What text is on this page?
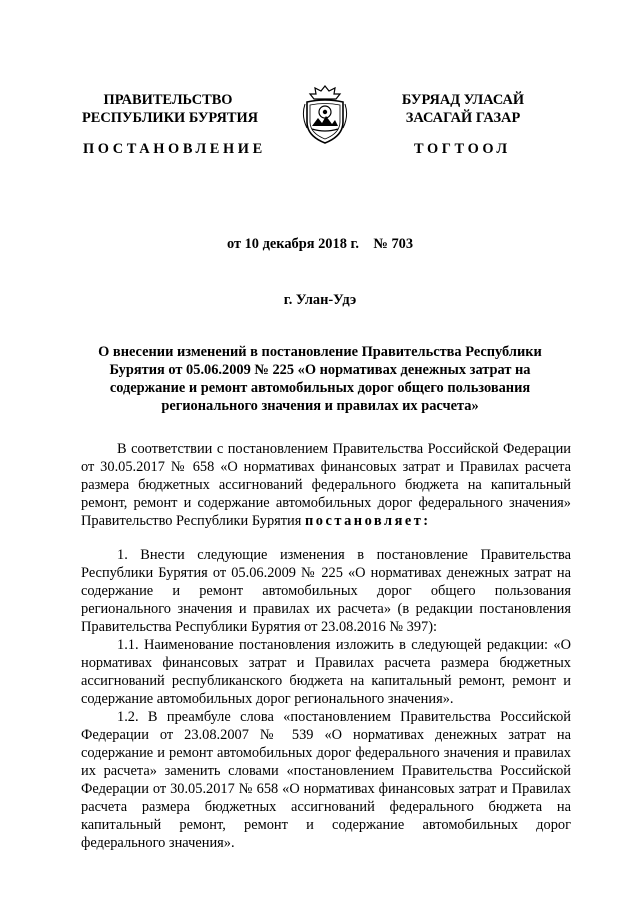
ПРАВИТЕЛЬСТВО
РЕСПУБЛИКИ БУРЯТИЯ
БУРЯАД УЛАСАЙ
ЗАСАГАЙ ГАЗАР
ПОСТАНОВЛЕНИЕ	ТОГТООЛ
от 10 декабря 2018 г.    № 703
г. Улан-Удэ
О внесении изменений в постановление Правительства Республики Бурятия от 05.06.2009 № 225 «О нормативах денежных затрат на содержание и ремонт автомобильных дорог общего пользования регионального значения и правилах их расчета»

В соответствии с постановлением Правительства Российской Федерации от 30.05.2017 № 658 «О нормативах финансовых затрат и Правилах расчета размера бюджетных ассигнований федерального бюджета на капитальный ремонт, ремонт и содержание автомобильных дорог федерального значения» Правительство Республики Бурятия постановляет:

1. Внести следующие изменения в постановление Правительства Республики Бурятия от 05.06.2009 № 225 «О нормативах денежных затрат на содержание и ремонт автомобильных дорог общего пользования регионального значения и правилах их расчета» (в редакции постановления Правительства Республики Бурятия от 23.08.2016 № 397):

1.1. Наименование постановления изложить в следующей редакции: «О нормативах финансовых затрат и Правилах расчета размера бюджетных ассигнований республиканского бюджета на капитальный ремонт, ремонт и содержание автомобильных дорог регионального значения».

1.2. В преамбуле слова «постановлением Правительства Российской Федерации от 23.08.2007 № 539 «О нормативах денежных затрат на содержание и ремонт автомобильных дорог федерального значения и правилах их расчета» заменить словами «постановлением Правительства Российской Федерации от 30.05.2017 № 658 «О нормативах финансовых затрат и Правилах расчета размера бюджетных ассигнований федерального бюджета на капитальный ремонт, ремонт и содержание автомобильных дорог федерального значения».
